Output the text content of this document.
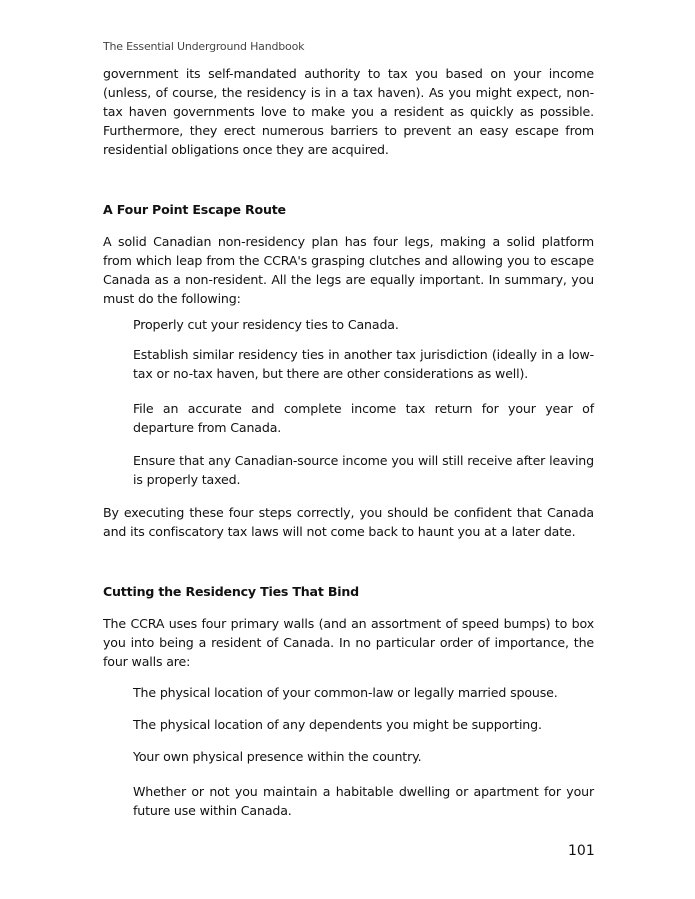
The Essential Underground Handbook
government its self-mandated authority to tax you based on your income (unless, of course, the residency is in a tax haven). As you might expect, non-tax haven governments love to make you a resident as quickly as possible. Furthermore, they erect numerous barriers to prevent an easy escape from residential obligations once they are acquired.
A Four Point Escape Route
A solid Canadian non-residency plan has four legs, making a solid platform from which leap from the CCRA's grasping clutches and allowing you to escape Canada as a non-resident. All the legs are equally important. In summary, you must do the following:
Properly cut your residency ties to Canada.
Establish similar residency ties in another tax jurisdiction (ideally in a low-tax or no-tax haven, but there are other considerations as well).
File an accurate and complete income tax return for your year of departure from Canada.
Ensure that any Canadian-source income you will still receive after leaving is properly taxed.
By executing these four steps correctly, you should be confident that Canada and its confiscatory tax laws will not come back to haunt you at a later date.
Cutting the Residency Ties That Bind
The CCRA uses four primary walls (and an assortment of speed bumps) to box you into being a resident of Canada. In no particular order of importance, the four walls are:
The physical location of your common-law or legally married spouse.
The physical location of any dependents you might be supporting.
Your own physical presence within the country.
Whether or not you maintain a habitable dwelling or apartment for your future use within Canada.
101
